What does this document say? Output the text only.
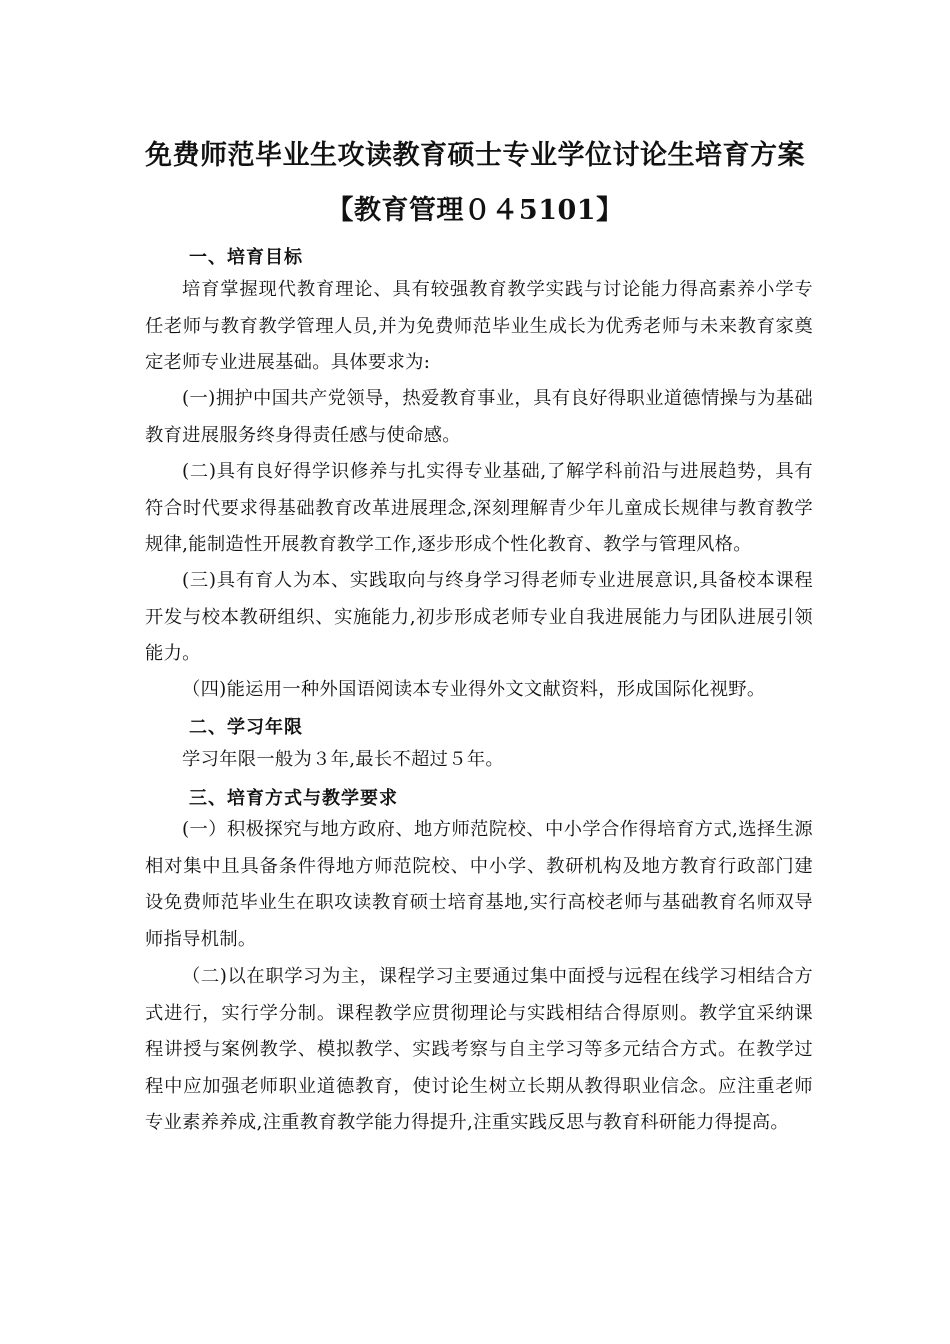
免费师范毕业生攻读教育硕士专业学位讨论生培育方案
【教育管理０４5101】
一、培育目标
培育掌握现代教育理论、具有较强教育教学实践与讨论能力得高素养小学专任老师与教育教学管理人员,并为免费师范毕业生成长为优秀老师与未来教育家奠定老师专业进展基础。具体要求为:
(一)拥护中国共产党领导，热爱教育事业，具有良好得职业道德情操与为基础教育进展服务终身得责任感与使命感。
(二)具有良好得学识修养与扎实得专业基础,了解学科前沿与进展趋势，具有符合时代要求得基础教育改革进展理念,深刻理解青少年儿童成长规律与教育教学规律,能制造性开展教育教学工作,逐步形成个性化教育、教学与管理风格。
(三)具有育人为本、实践取向与终身学习得老师专业进展意识,具备校本课程开发与校本教研组织、实施能力,初步形成老师专业自我进展能力与团队进展引领能力。
（四)能运用一种外国语阅读本专业得外文文献资料，形成国际化视野。
二、学习年限
学习年限一般为３年,最长不超过５年。
三、培育方式与教学要求
(一）积极探究与地方政府、地方师范院校、中小学合作得培育方式,选择生源相对集中且具备条件得地方师范院校、中小学、教研机构及地方教育行政部门建设免费师范毕业生在职攻读教育硕士培育基地,实行高校老师与基础教育名师双导师指导机制。
（二)以在职学习为主，课程学习主要通过集中面授与远程在线学习相结合方式进行，实行学分制。课程教学应贯彻理论与实践相结合得原则。教学宜采纳课程讲授与案例教学、模拟教学、实践考察与自主学习等多元结合方式。在教学过程中应加强老师职业道德教育，使讨论生树立长期从教得职业信念。应注重老师专业素养养成,注重教育教学能力得提升,注重实践反思与教育科研能力得提高。
